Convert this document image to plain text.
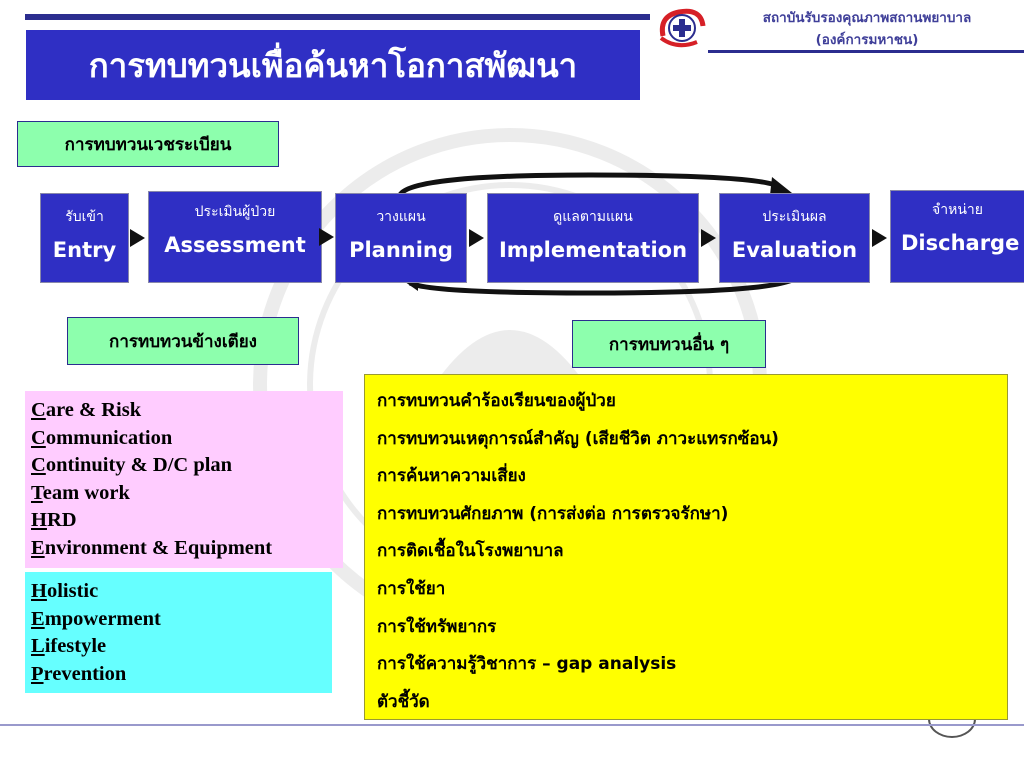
การทบทวนเพื่อค้นหาโอกาสพัฒนา
สถาบันรับรองคุณภาพสถานพยาบาล
(องค์การมหาชน)
การทบทวนเวชระเบียน
รับเข้า
Entry
ประเมินผู้ป่วย
Assessment
วางแผน
Planning
ดูแลตามแผน
Implementation
ประเมินผล
Evaluation
จำหน่าย
Discharge
การทบทวนข้างเตียง	การทบทวนอื่น ๆ
Care & Risk
Communication
Continuity & D/C plan
Team work
HRD
Environment & Equipment
Holistic
Empowerment
Lifestyle
Prevention
การทบทวนคำร้องเรียนของผู้ป่วย
การทบทวนเหตุการณ์สำคัญ (เสียชีวิต ภาวะแทรกซ้อน)
การค้นหาความเสี่ยง
การทบทวนศักยภาพ (การส่งต่อ การตรวจรักษา)
การติดเชื้อในโรงพยาบาล
การใช้ยา
การใช้ทรัพยากร
การใช้ความรู้วิชาการ – gap analysis
ตัวชี้วัด
